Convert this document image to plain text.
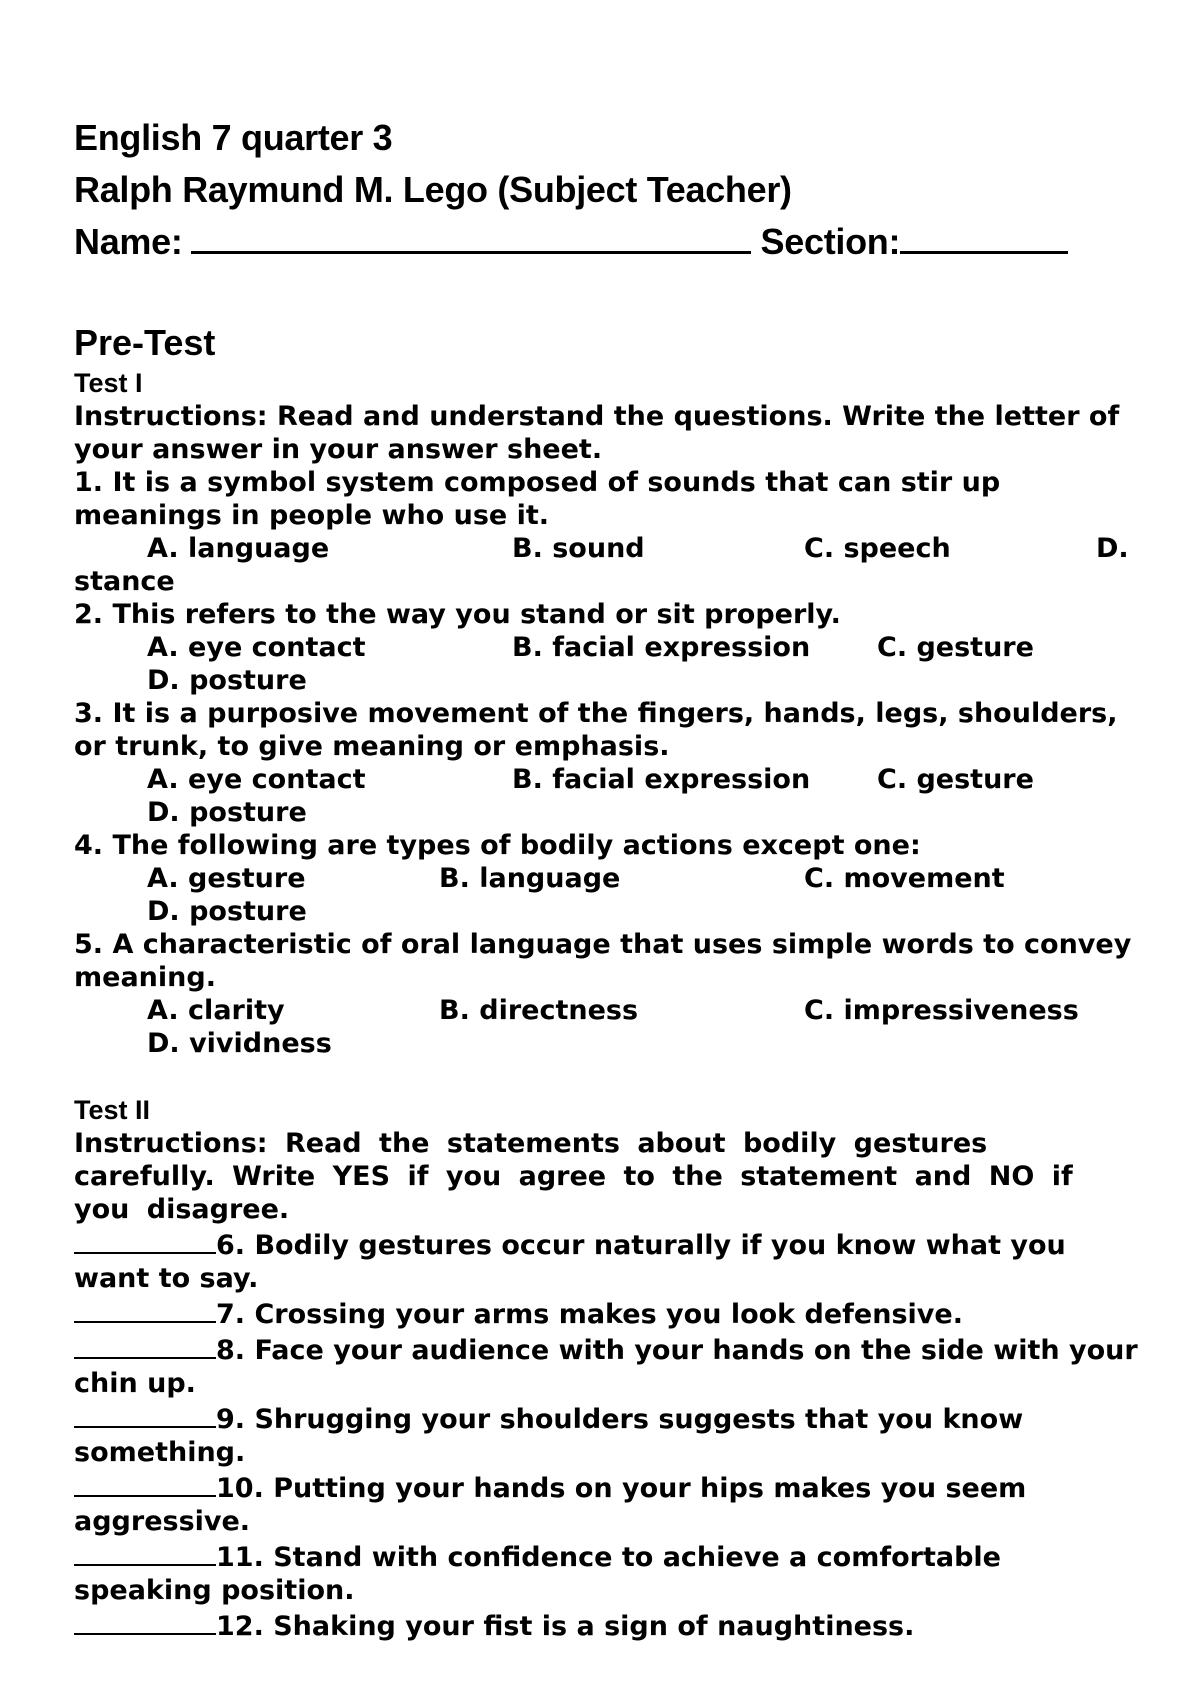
English 7 quarter 3
Ralph Raymund M. Lego (Subject Teacher)
Name:	Section:
Pre-Test
Test I

Instructions: Read and understand the questions. Write the letter of your answer in your answer sheet.

1. It is a symbol system composed of sounds that can stir up meanings in people who use it.

A. language	B. sound	C. speech	D.

stance

2. This refers to the way you stand or sit properly.

A. eye contact	B. facial expression C. gesture

D. posture

3. It is a purposive movement of the fingers, hands, legs, shoulders, or trunk, to give meaning or emphasis.

A. eye contact	B. facial expression C. gesture

D. posture

4. The following are types of bodily actions except one:

A. gesture	B. language	C. movement

D. posture

5. A characteristic of oral language that uses simple words to convey meaning.

A. clarity	B. directness	C. impressiveness

D. vividness

Test II

Instructions: Read the statements about bodily gestures carefully. Write YES if you agree to the statement and NO if you disagree.

6. Bodily gestures occur naturally if you know what you want to say.

7. Crossing your arms makes you look defensive.

8. Face your audience with your hands on the side with your chin up.

9. Shrugging your shoulders suggests that you know something.

10. Putting your hands on your hips makes you seem aggressive.

11. Stand with confidence to achieve a comfortable speaking position.

12. Shaking your fist is a sign of naughtiness.
